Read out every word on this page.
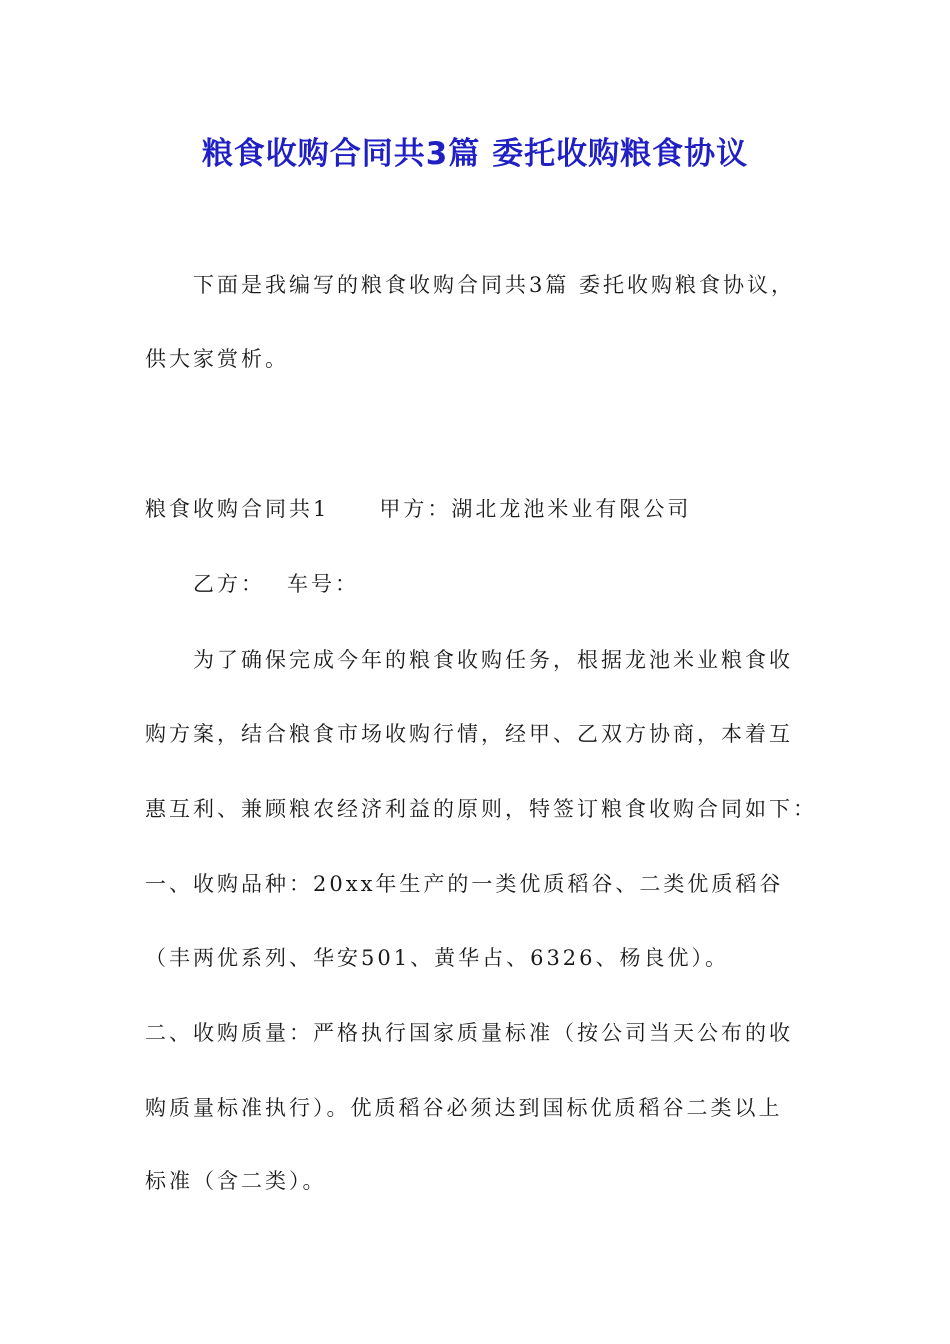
粮食收购合同共3篇 委托收购粮食协议
下面是我编写的粮食收购合同共3篇 委托收购粮食协议，
供大家赏析。
粮食收购合同共1 甲方：湖北龙池米业有限公司
乙方： 车号：
为了确保完成今年的粮食收购任务，根据龙池米业粮食收
购方案，结合粮食市场收购行情，经甲、乙双方协商，本着互
惠互利、兼顾粮农经济利益的原则，特签订粮食收购合同如下：
一、收购品种：20xx年生产的一类优质稻谷、二类优质稻谷
（丰两优系列、华安501、黄华占、6326、杨良优）。
二、收购质量：严格执行国家质量标准（按公司当天公布的收
购质量标准执行）。优质稻谷必须达到国标优质稻谷二类以上
标准（含二类）。
